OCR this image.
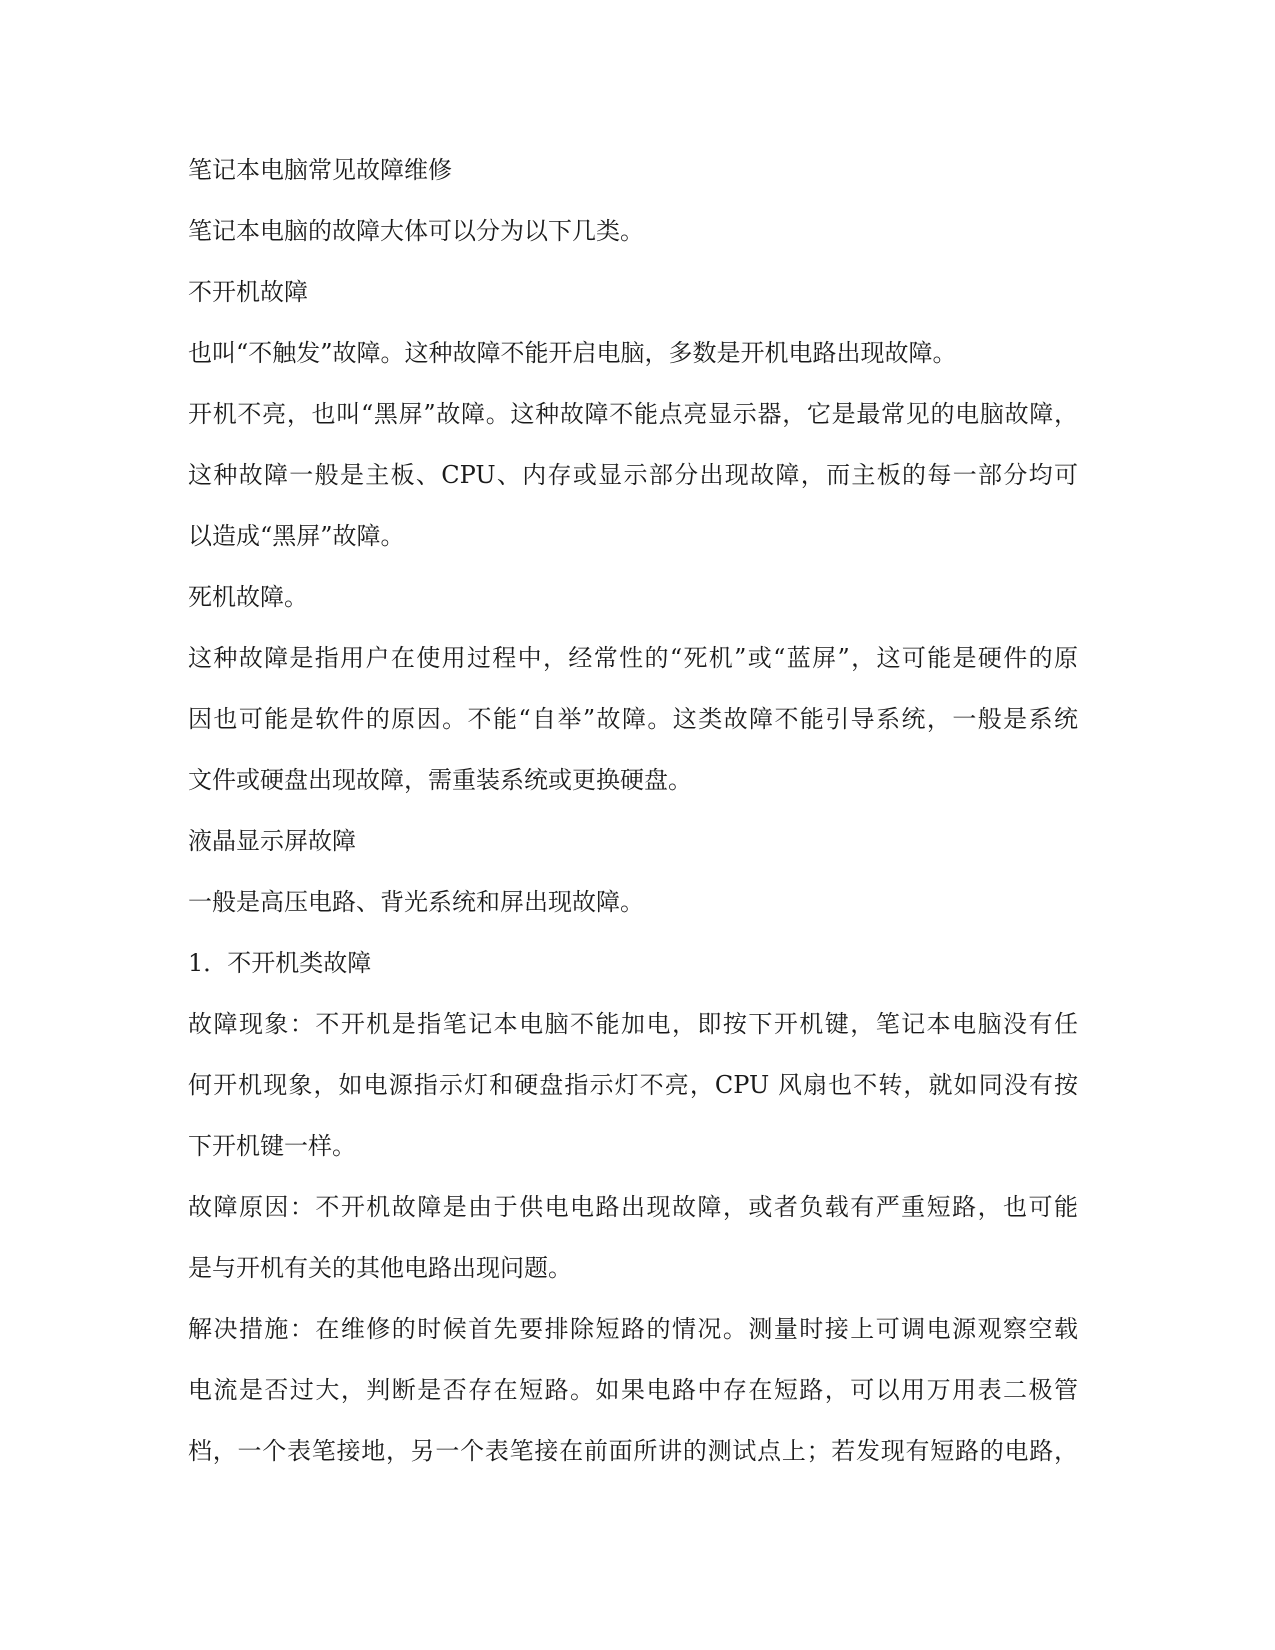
笔记本电脑常见故障维修

笔记本电脑的故障大体可以分为以下几类。

不开机故障

也叫“不触发”故障。这种故障不能开启电脑，多数是开机电路出现故障。

开机不亮，也叫“黑屏”故障。这种故障不能点亮显示器，它是最常见的电脑故障，

这种故障一般是主板、CPU、内存或显示部分出现故障，而主板的每一部分均可

以造成“黑屏”故障。

死机故障。

这种故障是指用户在使用过程中，经常性的“死机”或“蓝屏”，这可能是硬件的原

因也可能是软件的原因。不能“自举”故障。这类故障不能引导系统，一般是系统

文件或硬盘出现故障，需重装系统或更换硬盘。

液晶显示屏故障

一般是高压电路、背光系统和屏出现故障。

1．不开机类故障

故障现象：不开机是指笔记本电脑不能加电，即按下开机键，笔记本电脑没有任

何开机现象，如电源指示灯和硬盘指示灯不亮，CPU 风扇也不转，就如同没有按

下开机键一样。

故障原因：不开机故障是由于供电电路出现故障，或者负载有严重短路，也可能

是与开机有关的其他电路出现问题。

解决措施：在维修的时候首先要排除短路的情况。测量时接上可调电源观察空载

电流是否过大，判断是否存在短路。如果电路中存在短路，可以用万用表二极管

档，一个表笔接地，另一个表笔接在前面所讲的测试点上；若发现有短路的电路，
